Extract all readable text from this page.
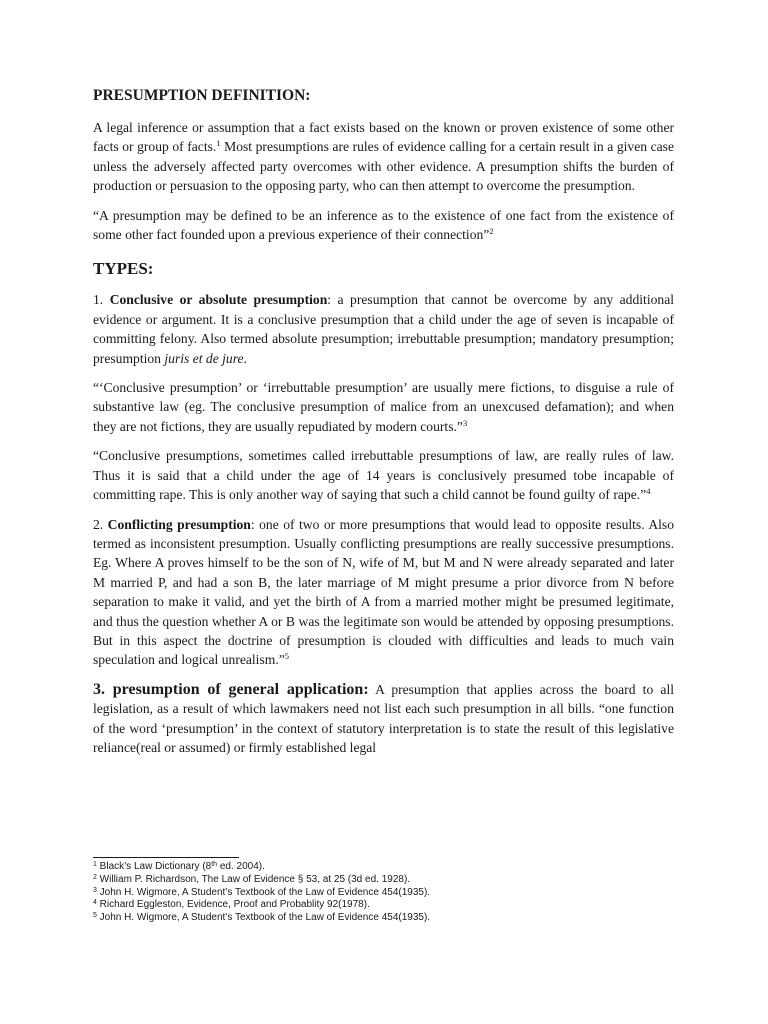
PRESUMPTION DEFINITION:

A legal inference or assumption that a fact exists based on the known or proven existence of some other facts or group of facts.$^1$ Most presumptions are rules of evidence calling for a certain result in a given case unless the adversely affected party overcomes with other evidence. A presumption shifts the burden of production or persuasion to the opposing party, who can then attempt to overcome the presumption.

“A presumption may be defined to be an inference as to the existence of one fact from the existence of some other fact founded upon a previous experience of their connection”$^2$

TYPES:

1. Conclusive or absolute presumption: a presumption that cannot be overcome by any additional evidence or argument. It is a conclusive presumption that a child under the age of seven is incapable of committing felony. Also termed absolute presumption; irrebuttable presumption; mandatory presumption; presumption juris et de jure.

“‘Conclusive presumption’ or ‘irrebuttable presumption’ are usually mere fictions, to disguise a rule of substantive law (eg. The conclusive presumption of malice from an unexcused defamation); and when they are not fictions, they are usually repudiated by modern courts.”$^3$

“Conclusive presumptions, sometimes called irrebuttable presumptions of law, are really rules of law. Thus it is said that a child under the age of 14 years is conclusively presumed tobe incapable of committing rape. This is only another way of saying that such a child cannot be found guilty of rape.”$^4$

2. Conflicting presumption: one of two or more presumptions that would lead to opposite results. Also termed as inconsistent presumption. Usually conflicting presumptions are really successive presumptions. Eg. Where A proves himself to be the son of N, wife of M, but M and N were already separated and later M married P, and had a son B, the later marriage of M might presume a prior divorce from N before separation to make it valid, and yet the birth of A from a married mother might be presumed legitimate, and thus the question whether A or B was the legitimate son would be attended by opposing presumptions. But in this aspect the doctrine of presumption is clouded with difficulties and leads to much vain speculation and logical unrealism.”$^5$

3. presumption of general application: A presumption that applies across the board to all legislation, as a result of which lawmakers need not list each such presumption in all bills. “one function of the word ‘presumption’ in the context of statutory interpretation is to state the result of this legislative reliance(real or assumed) or firmly established legal

$^1$ Black’s Law Dictionary (8th ed. 2004).
$^2$ William P. Richardson, The Law of Evidence § 53, at 25 (3d ed. 1928).
$^3$ John H. Wigmore, A Student’s Textbook of the Law of Evidence 454(1935).
$^4$ Richard Eggleston, Evidence, Proof and Probablity 92(1978).
$^5$ John H. Wigmore, A Student’s Textbook of the Law of Evidence 454(1935).
